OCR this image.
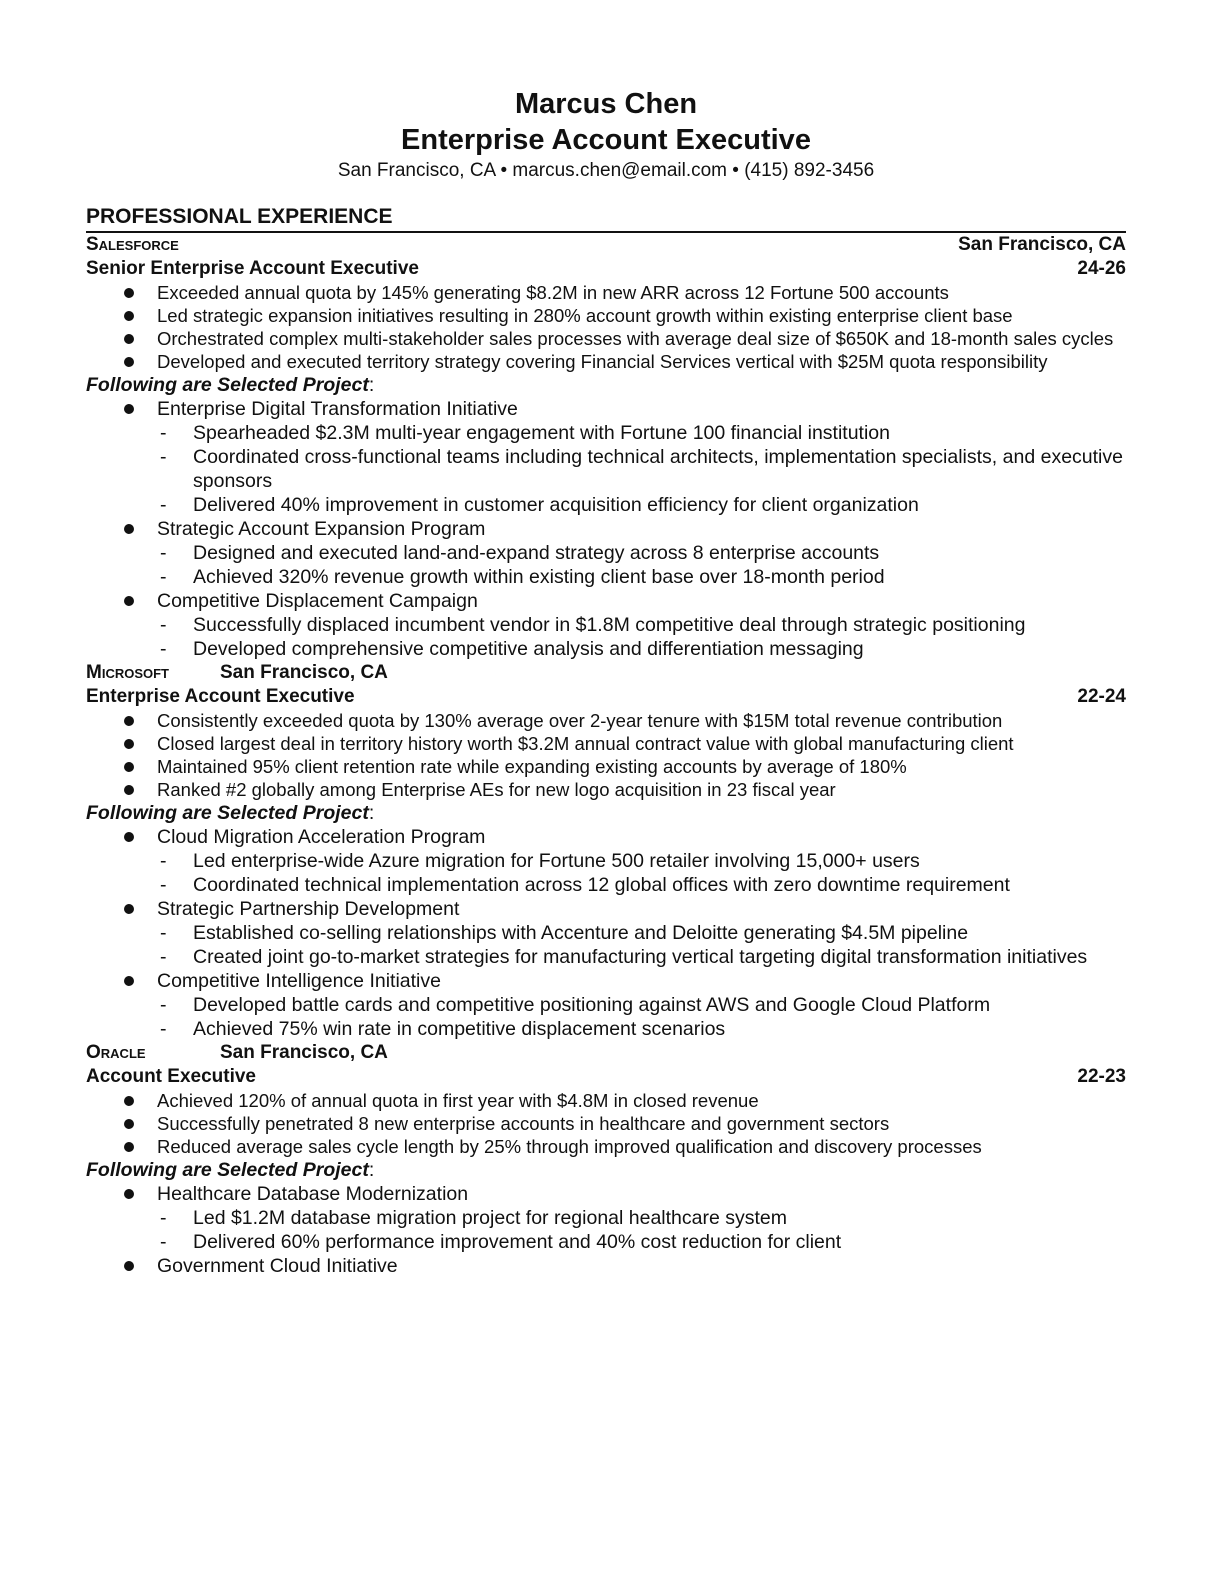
Marcus Chen
Enterprise Account Executive
San Francisco, CA • marcus.chen@email.com • (415) 892-3456
PROFESSIONAL EXPERIENCE
Salesforce	San Francisco, CA
Senior Enterprise Account Executive	24-26
Exceeded annual quota by 145% generating $8.2M in new ARR across 12 Fortune 500 accounts
Led strategic expansion initiatives resulting in 280% account growth within existing enterprise client base
Orchestrated complex multi-stakeholder sales processes with average deal size of $650K and 18-month sales cycles
Developed and executed territory strategy covering Financial Services vertical with $25M quota responsibility
Following are Selected Project:
Enterprise Digital Transformation Initiative
- Spearheaded $2.3M multi-year engagement with Fortune 100 financial institution
- Coordinated cross-functional teams including technical architects, implementation specialists, and executive sponsors
- Delivered 40% improvement in customer acquisition efficiency for client organization
Strategic Account Expansion Program
- Designed and executed land-and-expand strategy across 8 enterprise accounts
- Achieved 320% revenue growth within existing client base over 18-month period
Competitive Displacement Campaign
- Successfully displaced incumbent vendor in $1.8M competitive deal through strategic positioning
- Developed comprehensive competitive analysis and differentiation messaging
Microsoft	San Francisco, CA
Enterprise Account Executive	22-24
Consistently exceeded quota by 130% average over 2-year tenure with $15M total revenue contribution
Closed largest deal in territory history worth $3.2M annual contract value with global manufacturing client
Maintained 95% client retention rate while expanding existing accounts by average of 180%
Ranked #2 globally among Enterprise AEs for new logo acquisition in 23 fiscal year
Following are Selected Project:
Cloud Migration Acceleration Program
- Led enterprise-wide Azure migration for Fortune 500 retailer involving 15,000+ users
- Coordinated technical implementation across 12 global offices with zero downtime requirement
Strategic Partnership Development
- Established co-selling relationships with Accenture and Deloitte generating $4.5M pipeline
- Created joint go-to-market strategies for manufacturing vertical targeting digital transformation initiatives
Competitive Intelligence Initiative
- Developed battle cards and competitive positioning against AWS and Google Cloud Platform
- Achieved 75% win rate in competitive displacement scenarios
Oracle	San Francisco, CA
Account Executive	22-23
Achieved 120% of annual quota in first year with $4.8M in closed revenue
Successfully penetrated 8 new enterprise accounts in healthcare and government sectors
Reduced average sales cycle length by 25% through improved qualification and discovery processes
Following are Selected Project:
Healthcare Database Modernization
- Led $1.2M database migration project for regional healthcare system
- Delivered 60% performance improvement and 40% cost reduction for client
Government Cloud Initiative
